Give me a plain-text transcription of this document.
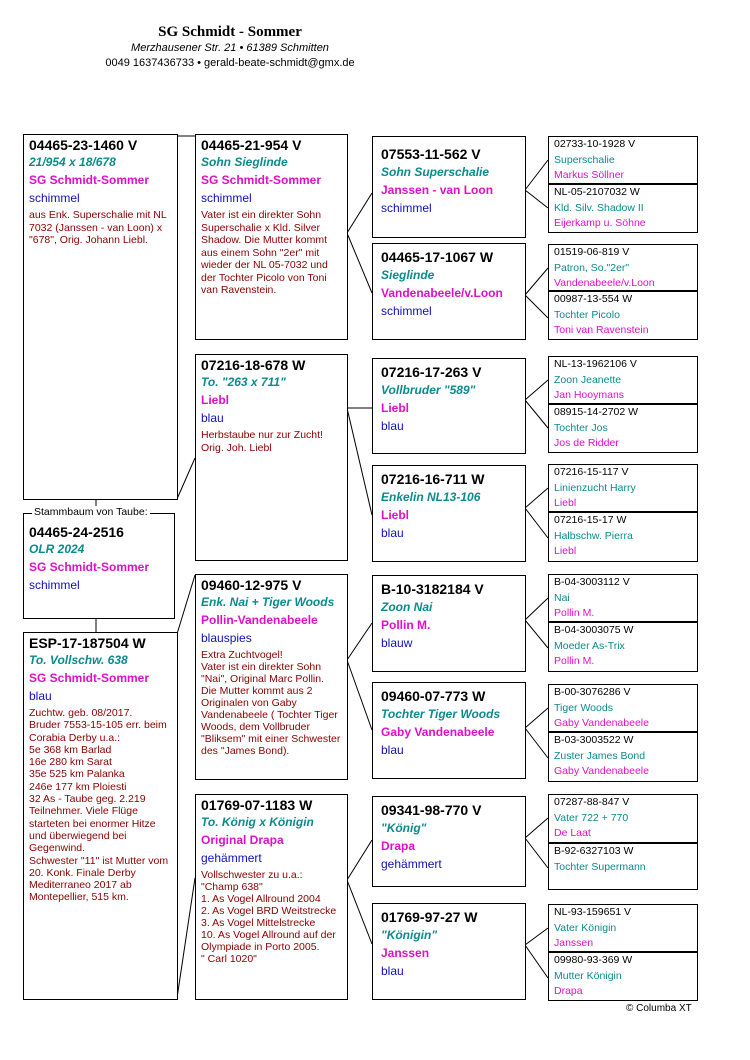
SG Schmidt - Sommer
Merzhausener Str. 21 • 61389 Schmitten
0049 1637436733 • gerald-beate-schmidt@gmx.de
04465-23-1460 V
21/954 x 18/678
SG Schmidt-Sommer
schimmel
aus Enk. Superschalie mit NL 7032 (Janssen - van Loon) x "678", Orig. Johann Liebl.
04465-24-2516
OLR 2024
SG Schmidt-Sommer
schimmel
Stammbaum von Taube:
ESP-17-187504 W
To. Vollschw. 638
SG Schmidt-Sommer
blau
Zuchtw. geb. 08/2017.
Bruder 7553-15-105 err. beim Corabia Derby u.a.:
5e 368 km Barlad
16e 280 km Sarat
35e 525 km Palanka
246e 177 km Ploiesti
32 As - Taube geg. 2.219 Teilnehmer. Viele Flüge starteten bei enormer Hitze und überwiegend bei Gegenwind.
Schwester "11" ist Mutter vom 20. Konk. Finale Derby Mediterraneo 2017 ab Montepellier, 515 km.
04465-21-954 V
Sohn Sieglinde
SG Schmidt-Sommer
schimmel
Vater ist ein direkter Sohn Superschalie x Kld. Silver Shadow. Die Mutter kommt aus einem Sohn "2er" mit wieder der NL 05-7032 und der Tochter Picolo von Toni van Ravenstein.
07216-18-678 W
To. "263 x 711"
Liebl
blau
Herbstaube nur zur Zucht!
Orig. Joh. Liebl
09460-12-975 V
Enk. Nai + Tiger Woods
Pollin-Vandenabeele
blauspies
Extra Zuchtvogel!
Vater ist ein direkter Sohn "Nai", Original Marc Pollin. Die Mutter kommt aus 2 Originalen von Gaby Vandenabeele ( Tochter Tiger Woods, dem Vollbruder "Bliksem" mit einer Schwester des "James Bond).
01769-07-1183 W
To. König x Königin
Original Drapa
gehämmert
Vollschwester zu u.a.:
"Champ 638"
1. As Vogel Allround 2004
2. As Vogel BRD Weitstrecke
3. As Vogel Mittelstrecke
10. As Vogel Allround auf der Olympiade in Porto 2005.
" Carl 1020"
07553-11-562 V
Sohn Superschalie
Janssen - van Loon
schimmel
04465-17-1067 W
Sieglinde
Vandenabeele/v.Loon
schimmel
07216-17-263 V
Vollbruder "589"
Liebl
blau
07216-16-711 W
Enkelin NL13-106
Liebl
blau
B-10-3182184 V
Zoon Nai
Pollin M.
blauw
09460-07-773 W
Tochter Tiger Woods
Gaby Vandenabeele
blau
09341-98-770 V
"König"
Drapa
gehämmert
01769-97-27 W
"Königin"
Janssen
blau
02733-10-1928 V
Superschalie
Markus Söllner
NL-05-2107032 W
Kld. Silv. Shadow II
Eijerkamp u. Söhne
01519-06-819 V
Patron, So."2er"
Vandenabeele/v.Loon
00987-13-554 W
Tochter Picolo
Toni van Ravenstein
NL-13-1962106 V
Zoon Jeanette
Jan Hooymans
08915-14-2702 W
Tochter Jos
Jos de Ridder
07216-15-117 V
Linienzucht Harry
Liebl
07216-15-17 W
Halbschw. Pierra
Liebl
B-04-3003112 V
Nai
Pollin M.
B-04-3003075 W
Moeder As-Trix
Pollin M.
B-00-3076286 V
Tiger Woods
Gaby Vandenabeele
B-03-3003522 W
Zuster James Bond
Gaby Vandenabeele
07287-88-847 V
Vater 722 + 770
De Laat
B-92-6327103 W
Tochter Supermann
NL-93-159651 V
Vater Königin
Janssen
09980-93-369 W
Mutter Königin
Drapa
© Columba XT
